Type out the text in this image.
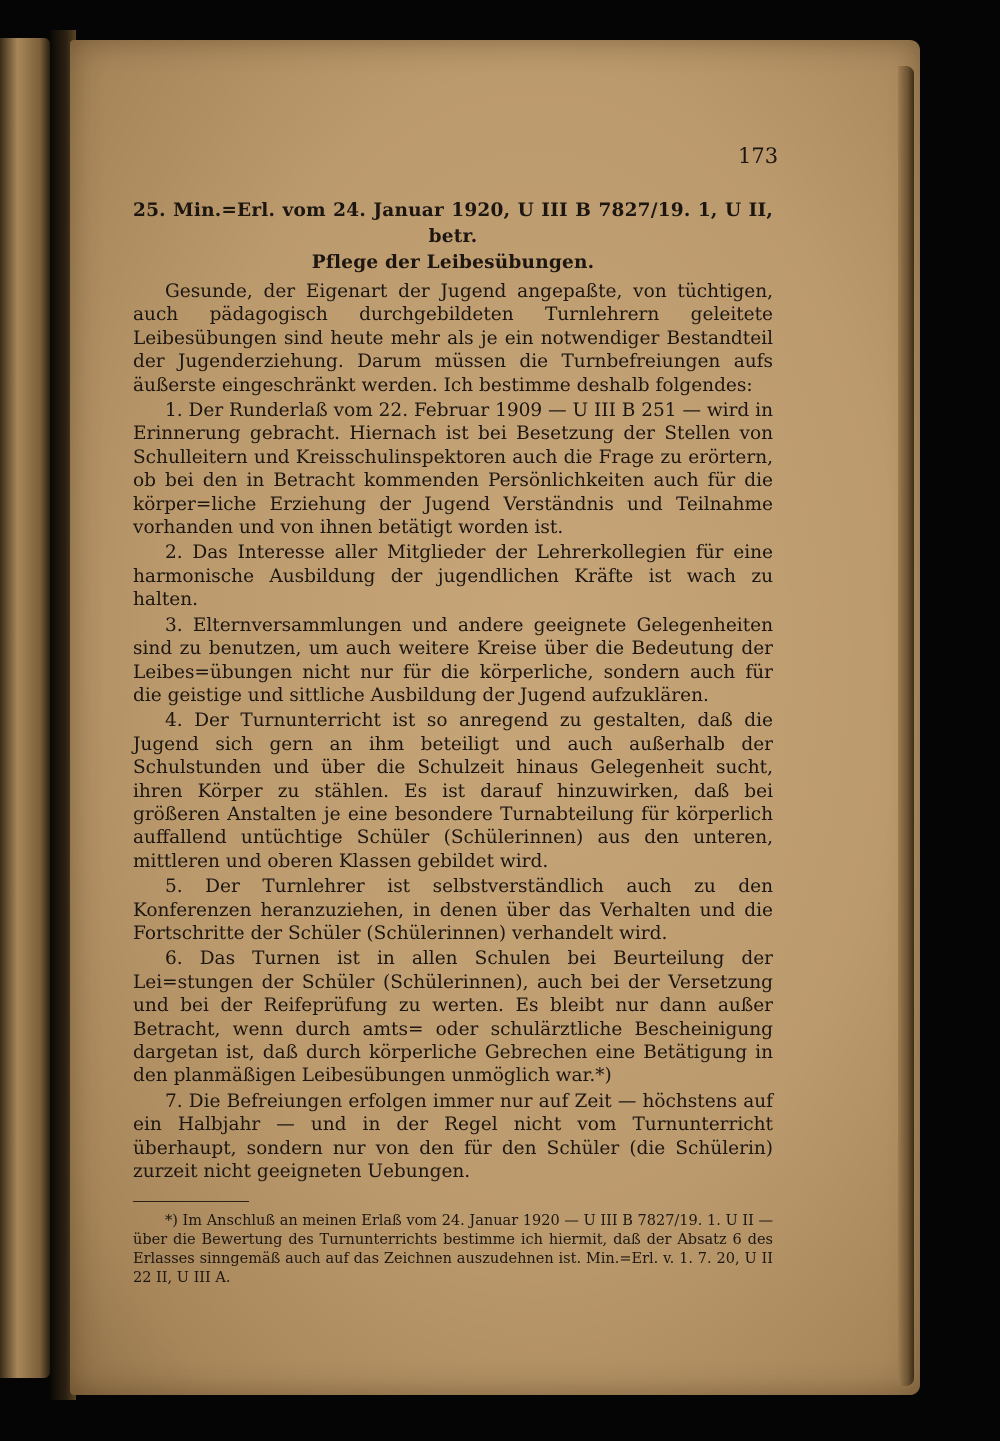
173
25. Min.=Erl. vom 24. Januar 1920, U III B 7827/19. 1, U II, betr.
Pflege der Leibesübungen.

Gesunde, der Eigenart der Jugend angepaßte, von tüchtigen, auch pädagogisch durchgebildeten Turnlehrern geleitete Leibesübungen sind heute mehr als je ein notwendiger Bestandteil der Jugenderziehung. Darum müssen die Turnbefreiungen aufs äußerste eingeschränkt werden. Ich bestimme deshalb folgendes:

1. Der Runderlaß vom 22. Februar 1909 — U III B 251 — wird in Erinnerung gebracht. Hiernach ist bei Besetzung der Stellen von Schulleitern und Kreisschulinspektoren auch die Frage zu erörtern, ob bei den in Betracht kommenden Persönlichkeiten auch für die körper=liche Erziehung der Jugend Verständnis und Teilnahme vorhanden und von ihnen betätigt worden ist.

2. Das Interesse aller Mitglieder der Lehrerkollegien für eine harmonische Ausbildung der jugendlichen Kräfte ist wach zu halten.

3. Elternversammlungen und andere geeignete Gelegenheiten sind zu benutzen, um auch weitere Kreise über die Bedeutung der Leibes=übungen nicht nur für die körperliche, sondern auch für die geistige und sittliche Ausbildung der Jugend aufzuklären.

4. Der Turnunterricht ist so anregend zu gestalten, daß die Jugend sich gern an ihm beteiligt und auch außerhalb der Schulstunden und über die Schulzeit hinaus Gelegenheit sucht, ihren Körper zu stählen. Es ist darauf hinzuwirken, daß bei größeren Anstalten je eine besondere Turnabteilung für körperlich auffallend untüchtige Schüler (Schülerinnen) aus den unteren, mittleren und oberen Klassen gebildet wird.

5. Der Turnlehrer ist selbstverständlich auch zu den Konferenzen heranzuziehen, in denen über das Verhalten und die Fortschritte der Schüler (Schülerinnen) verhandelt wird.

6. Das Turnen ist in allen Schulen bei Beurteilung der Lei=stungen der Schüler (Schülerinnen), auch bei der Versetzung und bei der Reifeprüfung zu werten. Es bleibt nur dann außer Betracht, wenn durch amts= oder schulärztliche Bescheinigung dargetan ist, daß durch körperliche Gebrechen eine Betätigung in den planmäßigen Leibesübungen unmöglich war.*)

7. Die Befreiungen erfolgen immer nur auf Zeit — höchstens auf ein Halbjahr — und in der Regel nicht vom Turnunterricht überhaupt, sondern nur von den für den Schüler (die Schülerin) zurzeit nicht geeigneten Uebungen.

*) Im Anschluß an meinen Erlaß vom 24. Januar 1920 — U III B 7827/19. 1. U II — über die Bewertung des Turnunterrichts bestimme ich hiermit, daß der Absatz 6 des Erlasses sinngemäß auch auf das Zeichnen auszudehnen ist. Min.=Erl. v. 1. 7. 20, U II 22 II, U III A.
